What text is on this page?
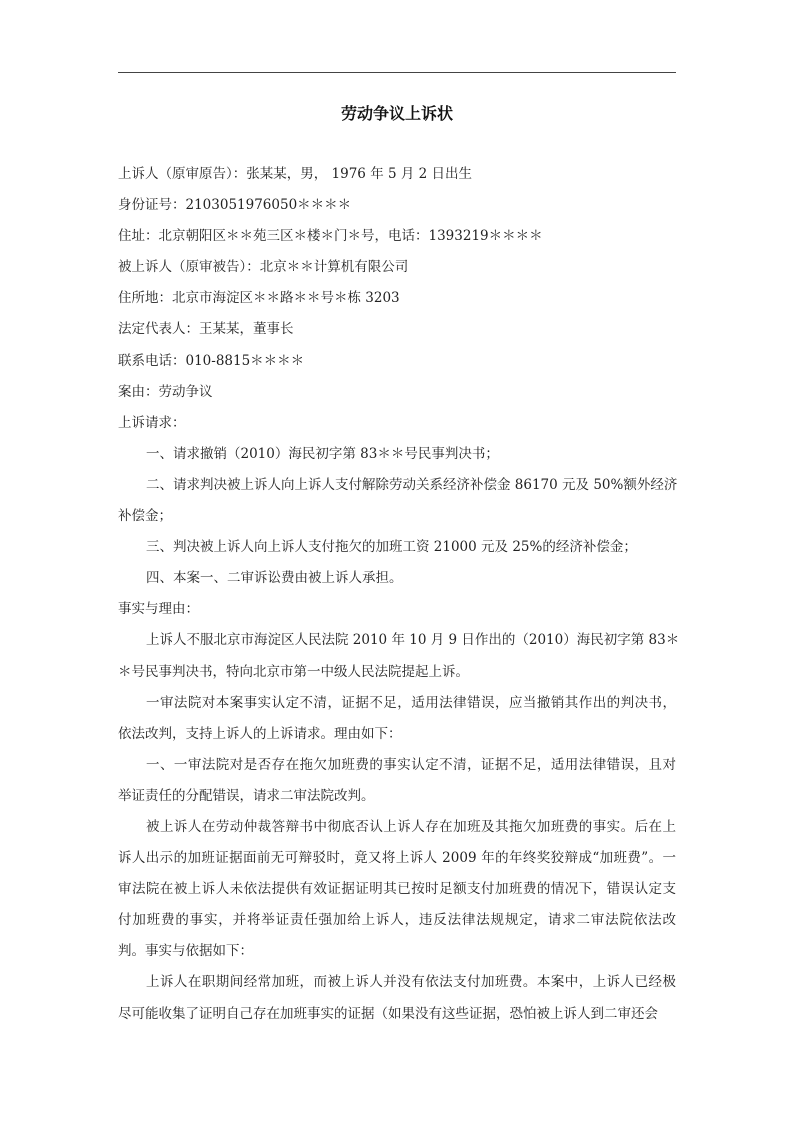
劳动争议上诉状
上诉人（原审原告）：张某某，男， 1976 年 5 月 2 日出生
身份证号：2103051976050＊＊＊＊
住址：北京朝阳区＊＊苑三区＊楼＊门＊号，电话：1393219＊＊＊＊
被上诉人（原审被告）：北京＊＊计算机有限公司
住所地：北京市海淀区＊＊路＊＊号＊栋 3203
法定代表人：王某某，董事长
联系电话：010-8815＊＊＊＊
案由：劳动争议
上诉请求：
一、请求撤销（2010）海民初字第 83＊＊号民事判决书；
二、请求判决被上诉人向上诉人支付解除劳动关系经济补偿金 86170 元及 50%额外经济
补偿金；
三、判决被上诉人向上诉人支付拖欠的加班工资 21000 元及 25%的经济补偿金；
四、本案一、二审诉讼费由被上诉人承担。
事实与理由：
上诉人不服北京市海淀区人民法院 2010 年 10 月 9 日作出的（2010）海民初字第 83＊
＊号民事判决书，特向北京市第一中级人民法院提起上诉。
一审法院对本案事实认定不清，证据不足，适用法律错误，应当撤销其作出的判决书，
依法改判，支持上诉人的上诉请求。理由如下：
一、一审法院对是否存在拖欠加班费的事实认定不清，证据不足，适用法律错误，且对
举证责任的分配错误，请求二审法院改判。
被上诉人在劳动仲裁答辩书中彻底否认上诉人存在加班及其拖欠加班费的事实。后在上
诉人出示的加班证据面前无可辩驳时，竟又将上诉人 2009 年的年终奖狡辩成“加班费”。一
审法院在被上诉人未依法提供有效证据证明其已按时足额支付加班费的情况下，错误认定支
付加班费的事实，并将举证责任强加给上诉人，违反法律法规规定，请求二审法院依法改
判。事实与依据如下：
上诉人在职期间经常加班，而被上诉人并没有依法支付加班费。本案中，上诉人已经极
尽可能收集了证明自己存在加班事实的证据（如果没有这些证据，恐怕被上诉人到二审还会
